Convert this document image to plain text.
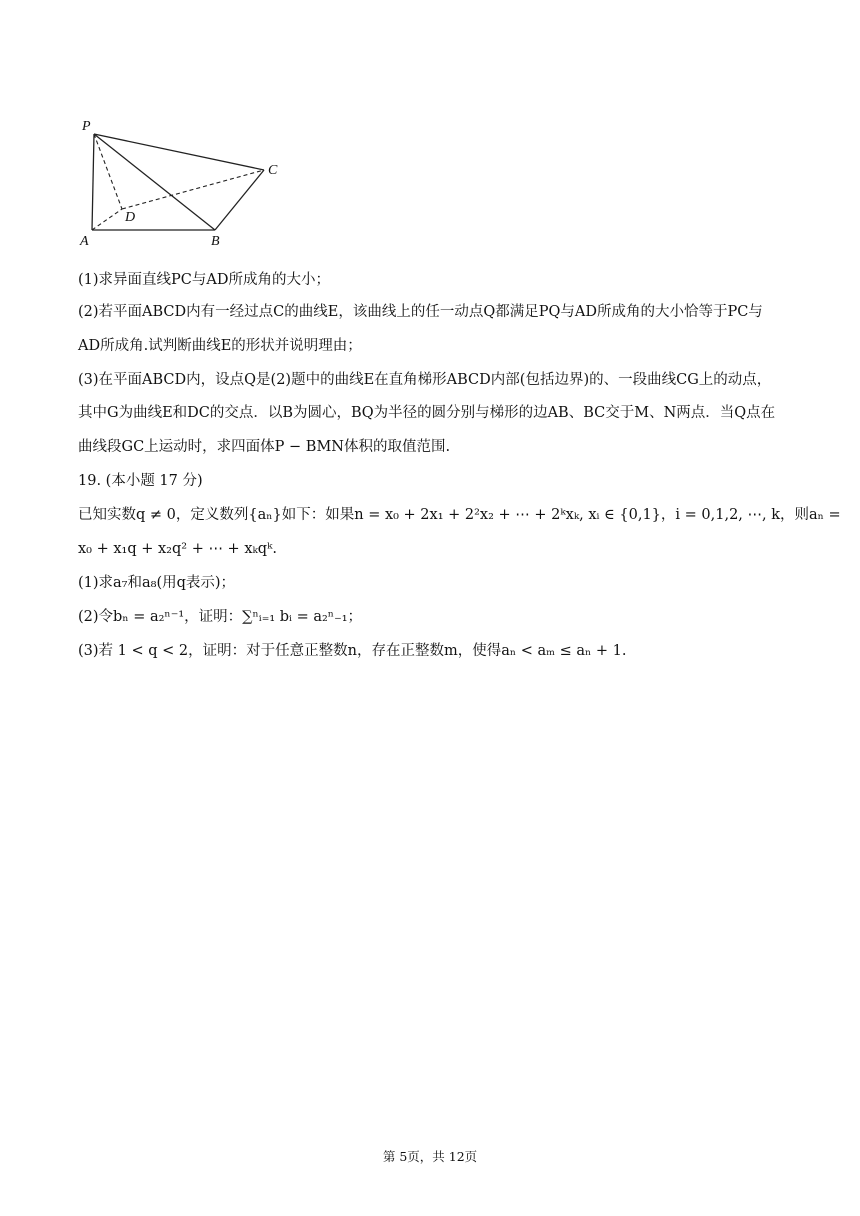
P
C
D
A	B
(1)求异面直线PC与AD所成角的大小；
(2)若平面ABCD内有一经过点C的曲线E，该曲线上的任一动点Q都满足PQ与AD所成角的大小恰等于PC与
AD所成角.试判断曲线E的形状并说明理由；
(3)在平面ABCD内，设点Q是(2)题中的曲线E在直角梯形ABCD内部(包括边界)的、一段曲线CG上的动点，
其中G为曲线E和DC的交点．以B为圆心，BQ为半径的圆分别与梯形的边AB、BC交于M、N两点．当Q点在
曲线段GC上运动时，求四面体P − BMN体积的取值范围.
19. (本小题 17 分)
已知实数q ≠ 0，定义数列{aₙ}如下：如果n = x₀ + 2x₁ + 2²x₂ + ⋯ + 2ᵏxₖ, xᵢ ∈ {0,1}，i = 0,1,2, ⋯, k，则aₙ =
x₀ + x₁q + x₂q² + ⋯ + xₖqᵏ.
(1)求a₇和a₈(用q表示)；
(2)令bₙ = a₂ⁿ⁻¹，证明：∑ⁿᵢ₌₁ bᵢ = a₂ⁿ₋₁；
(3)若 1 < q < 2，证明：对于任意正整数n，存在正整数m，使得aₙ < aₘ ≤ aₙ + 1.
第 5页，共 12页
